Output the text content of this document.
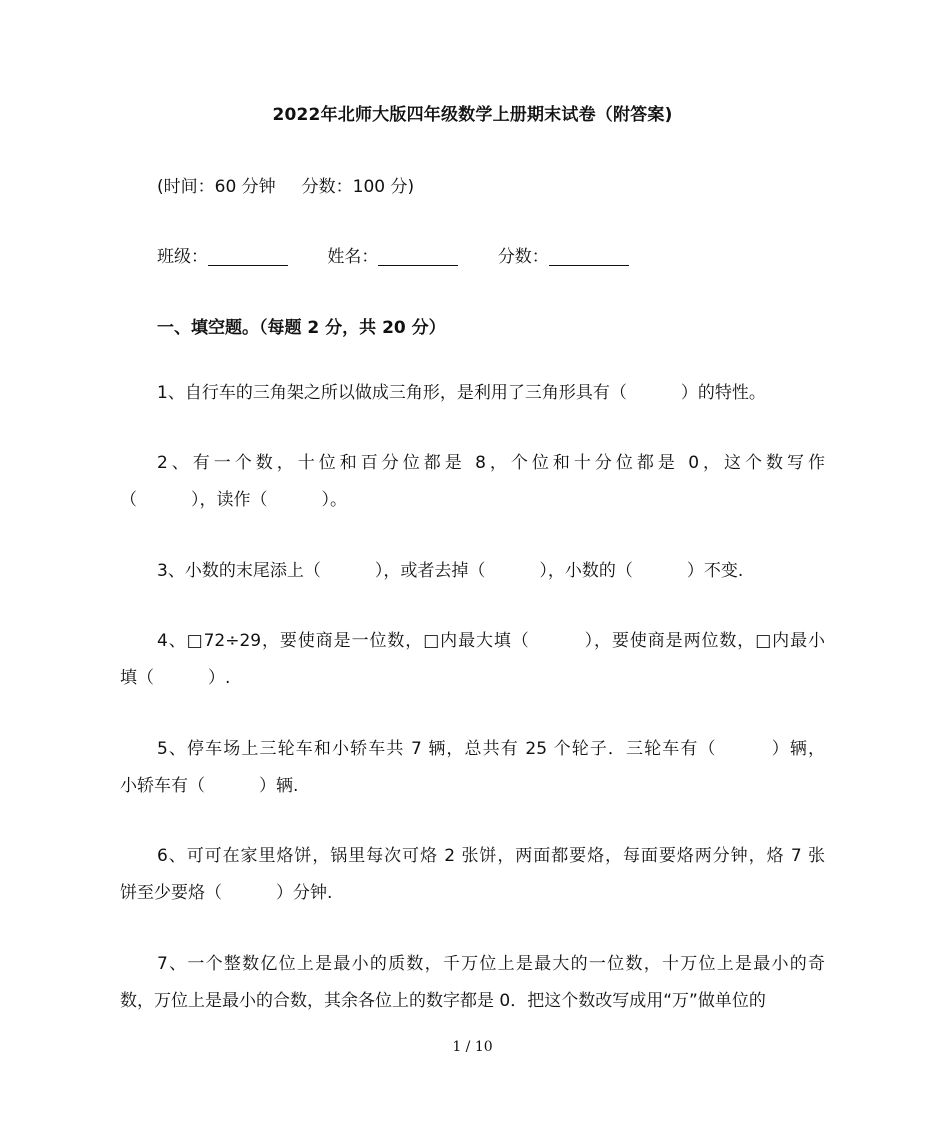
2022年北师大版四年级数学上册期末试卷（附答案)
(时间：60 分钟 分数：100 分)
班级：	姓名：	分数：
一、填空题。（每题 2 分，共 20 分）
1、自行车的三角架之所以做成三角形，是利用了三角形具有（	）的特性。
2、有一个数，十位和百分位都是 8，个位和十分位都是 0，这个数写作
（	），读作（	）。
3、小数的末尾添上（	），或者去掉（	），小数的（	）不变.
4、□72÷29，要使商是一位数，□内最大填（	），要使商是两位数，□内最小
填（	）.
5、停车场上三轮车和小轿车共 7 辆，总共有 25 个轮子．三轮车有（	）辆，
小轿车有（	）辆.
6、可可在家里烙饼，锅里每次可烙 2 张饼，两面都要烙，每面要烙两分钟，烙 7 张
饼至少要烙（	）分钟.
7、一个整数亿位上是最小的质数，千万位上是最大的一位数，十万位上是最小的奇
数，万位上是最小的合数，其余各位上的数字都是 0．把这个数改写成用“万”做单位的
1 / 10
